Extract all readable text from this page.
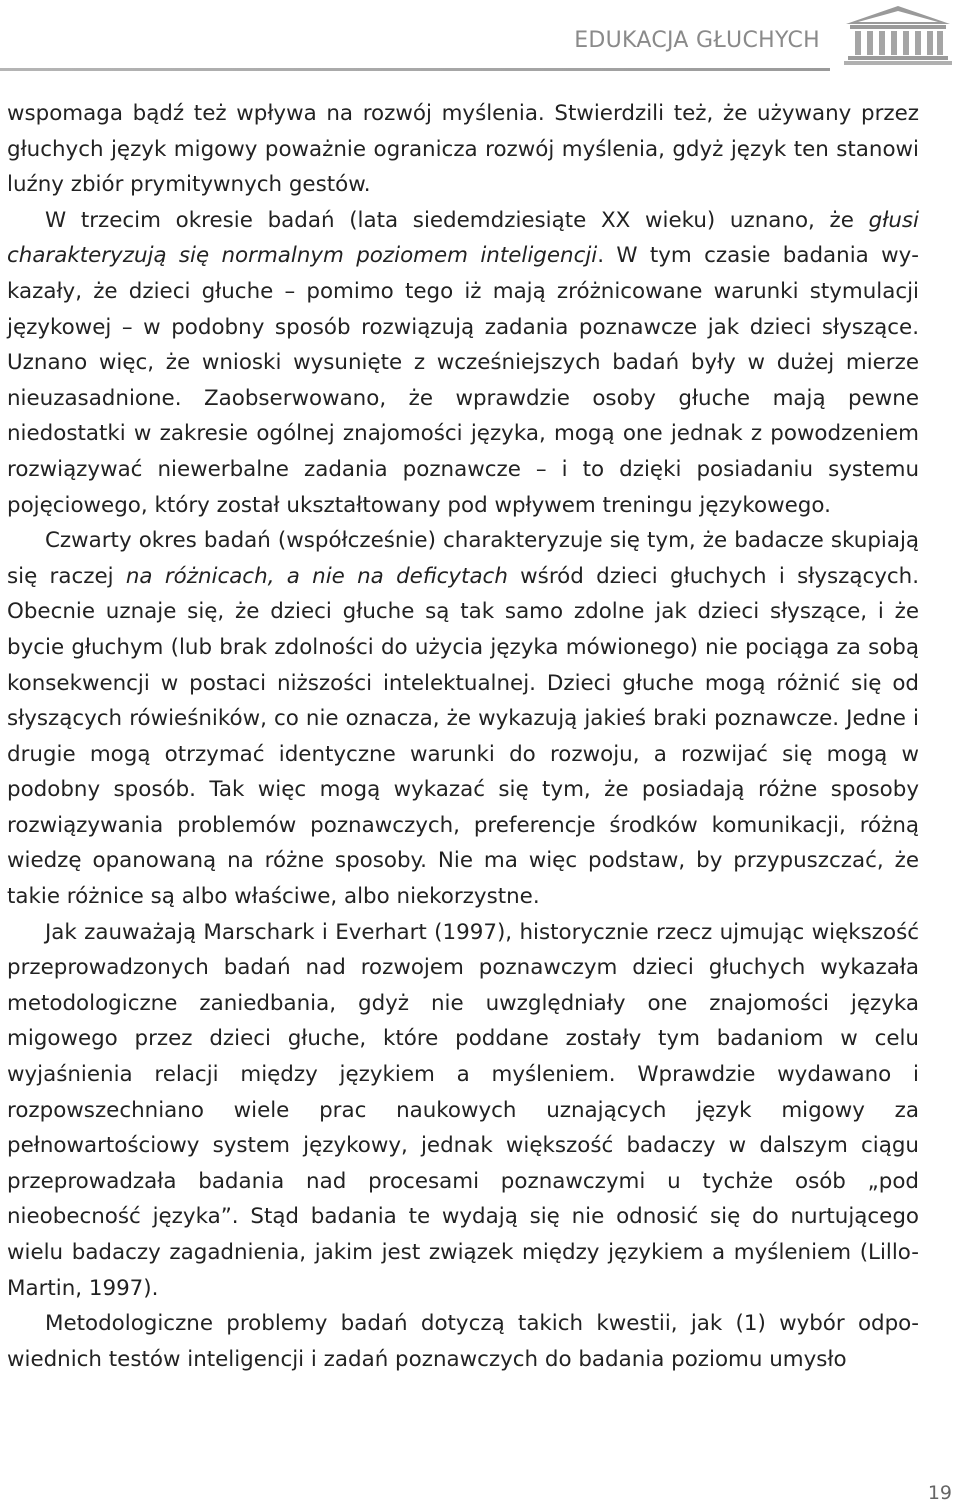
EDUKACJA GŁUCHYCH

wspomaga bądź też wpływa na rozwój myślenia. Stwierdzili też, że używany przez głuchych język migowy poważnie ogranicza rozwój myślenia, gdyż język ten stanowi luźny zbiór prymitywnych gestów.

W trzecim okresie badań (lata siedemdziesiąte XX wieku) uznano, że głusi charakteryzują się normalnym poziomem inteligencji. W tym czasie badania wykazały, że dzieci głuche – pomimo tego iż mają zróżnicowane warunki stymulacji językowej – w podobny sposób rozwiązują zadania poznawcze jak dzieci słyszące. Uznano więc, że wnioski wysunięte z wcześniejszych badań były w dużej mierze nieuzasadnione. Zaobserwowano, że wprawdzie osoby głuche mają pewne niedostatki w zakresie ogólnej znajomości języka, mogą one jednak z powodzeniem rozwiązywać niewerbalne zadania poznawcze – i to dzięki posiadaniu systemu pojęciowego, który został ukształtowany pod wpływem treningu językowego.

Czwarty okres badań (współcześnie) charakteryzuje się tym, że badacze skupiają się raczej na różnicach, a nie na deficytach wśród dzieci głuchych i słyszących. Obecnie uznaje się, że dzieci głuche są tak samo zdolne jak dzieci słyszące, i że bycie głuchym (lub brak zdolności do użycia języka mówionego) nie pociąga za sobą konsekwencji w postaci niższości intelektualnej. Dzieci głuche mogą różnić się od słyszących rówieśników, co nie oznacza, że wykazują jakieś braki poznawcze. Jedne i drugie mogą otrzymać identyczne warunki do rozwoju, a rozwijać się mogą w podobny sposób. Tak więc mogą wykazać się tym, że posiadają różne sposoby rozwiązywania problemów poznawczych, preferencje środków komunikacji, różną wiedzę opanowaną na różne sposoby. Nie ma więc podstaw, by przypuszczać, że takie różnice są albo właściwe, albo niekorzystne.

Jak zauważają Marschark i Everhart (1997), historycznie rzecz ujmując większość przeprowadzonych badań nad rozwojem poznawczym dzieci głuchych wykazała metodologiczne zaniedbania, gdyż nie uwzględniały one znajomości języka migowego przez dzieci głuche, które poddane zostały tym badaniom w celu wyjaśnienia relacji między językiem a myśleniem. Wprawdzie wydawano i rozpowszechniano wiele prac naukowych uznających język migowy za pełnowartościowy system językowy, jednak większość badaczy w dalszym ciągu przeprowadzała badania nad procesami poznawczymi u tychże osób „pod nieobecność języka”. Stąd badania te wydają się nie odnosić się do nurtującego wielu badaczy zagadnienia, jakim jest związek między językiem a myśleniem (Lillo-Martin, 1997).

Metodologiczne problemy badań dotyczą takich kwestii, jak (1) wybór odpowiednich testów inteligencji i zadań poznawczych do badania poziomu umysło

19
